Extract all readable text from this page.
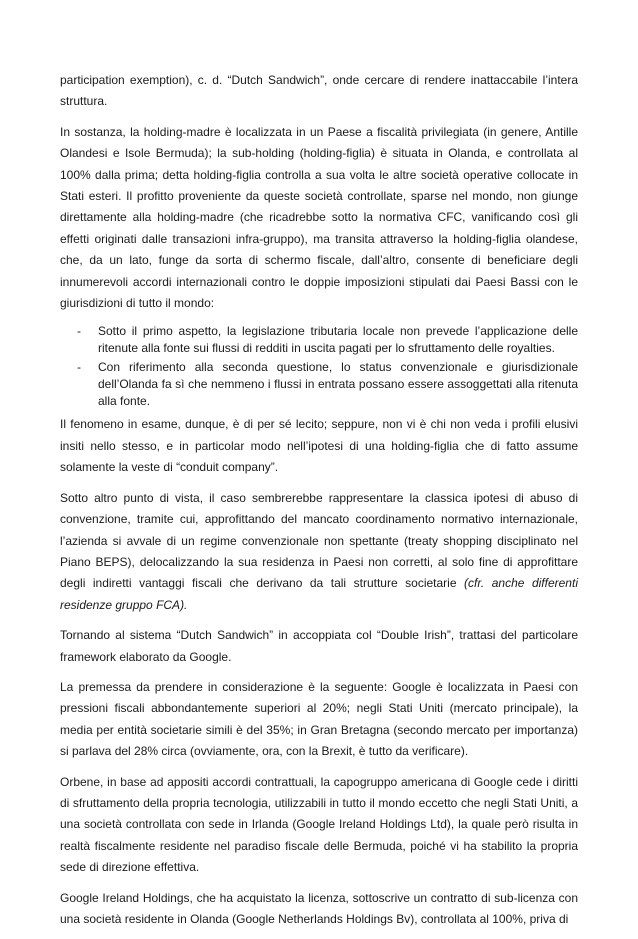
participation exemption), c. d. “Dutch Sandwich”, onde cercare di rendere inattaccabile l’intera struttura.

In sostanza, la holding-madre è localizzata in un Paese a fiscalità privilegiata (in genere, Antille Olandesi e Isole Bermuda); la sub-holding (holding-figlia) è situata in Olanda, e controllata al 100% dalla prima; detta holding-figlia controlla a sua volta le altre società operative collocate in Stati esteri. Il profitto proveniente da queste società controllate, sparse nel mondo, non giunge direttamente alla holding-madre (che ricadrebbe sotto la normativa CFC, vanificando così gli effetti originati dalle transazioni infra-gruppo), ma transita attraverso la holding-figlia olandese, che, da un lato, funge da sorta di schermo fiscale, dall’altro, consente di beneficiare degli innumerevoli accordi internazionali contro le doppie imposizioni stipulati dai Paesi Bassi con le giurisdizioni di tutto il mondo:

- Sotto il primo aspetto, la legislazione tributaria locale non prevede l’applicazione delle ritenute alla fonte sui flussi di redditi in uscita pagati per lo sfruttamento delle royalties.
- Con riferimento alla seconda questione, lo status convenzionale e giurisdizionale dell’Olanda fa sì che nemmeno i flussi in entrata possano essere assoggettati alla ritenuta alla fonte.

Il fenomeno in esame, dunque, è di per sé lecito; seppure, non vi è chi non veda i profili elusivi insiti nello stesso, e in particolar modo nell’ipotesi di una holding-figlia che di fatto assume solamente la veste di “conduit company”.

Sotto altro punto di vista, il caso sembrerebbe rappresentare la classica ipotesi di abuso di convenzione, tramite cui, approfittando del mancato coordinamento normativo internazionale, l’azienda si avvale di un regime convenzionale non spettante (treaty shopping disciplinato nel Piano BEPS), delocalizzando la sua residenza in Paesi non corretti, al solo fine di approfittare degli indiretti vantaggi fiscali che derivano da tali strutture societarie (cfr. anche differenti residenze gruppo FCA).

Tornando al sistema “Dutch Sandwich” in accoppiata col “Double Irish”, trattasi del particolare framework elaborato da Google.

La premessa da prendere in considerazione è la seguente: Google è localizzata in Paesi con pressioni fiscali abbondantemente superiori al 20%; negli Stati Uniti (mercato principale), la media per entità societarie simili è del 35%; in Gran Bretagna (secondo mercato per importanza) si parlava del 28% circa (ovviamente, ora, con la Brexit, è tutto da verificare).

Orbene, in base ad appositi accordi contrattuali, la capogruppo americana di Google cede i diritti di sfruttamento della propria tecnologia, utilizzabili in tutto il mondo eccetto che negli Stati Uniti, a una società controllata con sede in Irlanda (Google Ireland Holdings Ltd), la quale però risulta in realtà fiscalmente residente nel paradiso fiscale delle Bermuda, poiché vi ha stabilito la propria sede di direzione effettiva.

Google Ireland Holdings, che ha acquistato la licenza, sottoscrive un contratto di sub-licenza con una società residente in Olanda (Google Netherlands Holdings Bv), controllata al 100%, priva di
